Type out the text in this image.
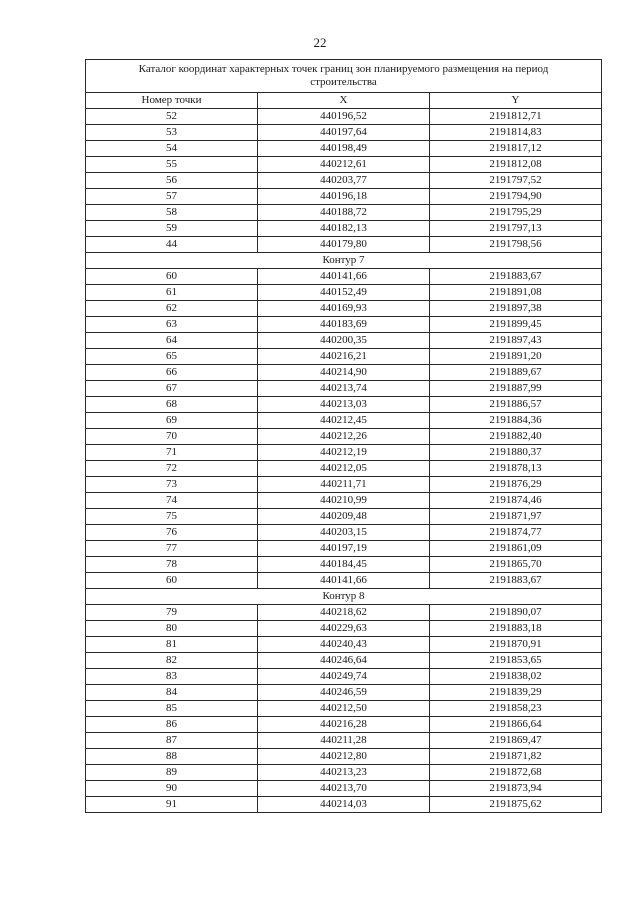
22
Каталог координат характерных точек границ зон планируемого размещения на период строительства		
Номер точки	X	Y
52	440196,52	2191812,71
53	440197,64	2191814,83
54	440198,49	2191817,12
55	440212,61	2191812,08
56	440203,77	2191797,52
57	440196,18	2191794,90
58	440188,72	2191795,29
59	440182,13	2191797,13
44	440179,80	2191798,56
Контур 7		
60	440141,66	2191883,67
61	440152,49	2191891,08
62	440169,93	2191897,38
63	440183,69	2191899,45
64	440200,35	2191897,43
65	440216,21	2191891,20
66	440214,90	2191889,67
67	440213,74	2191887,99
68	440213,03	2191886,57
69	440212,45	2191884,36
70	440212,26	2191882,40
71	440212,19	2191880,37
72	440212,05	2191878,13
73	440211,71	2191876,29
74	440210,99	2191874,46
75	440209,48	2191871,97
76	440203,15	2191874,77
77	440197,19	2191861,09
78	440184,45	2191865,70
60	440141,66	2191883,67
Контур 8		
79	440218,62	2191890,07
80	440229,63	2191883,18
81	440240,43	2191870,91
82	440246,64	2191853,65
83	440249,74	2191838,02
84	440246,59	2191839,29
85	440212,50	2191858,23
86	440216,28	2191866,64
87	440211,28	2191869,47
88	440212,80	2191871,82
89	440213,23	2191872,68
90	440213,70	2191873,94
91	440214,03	2191875,62
